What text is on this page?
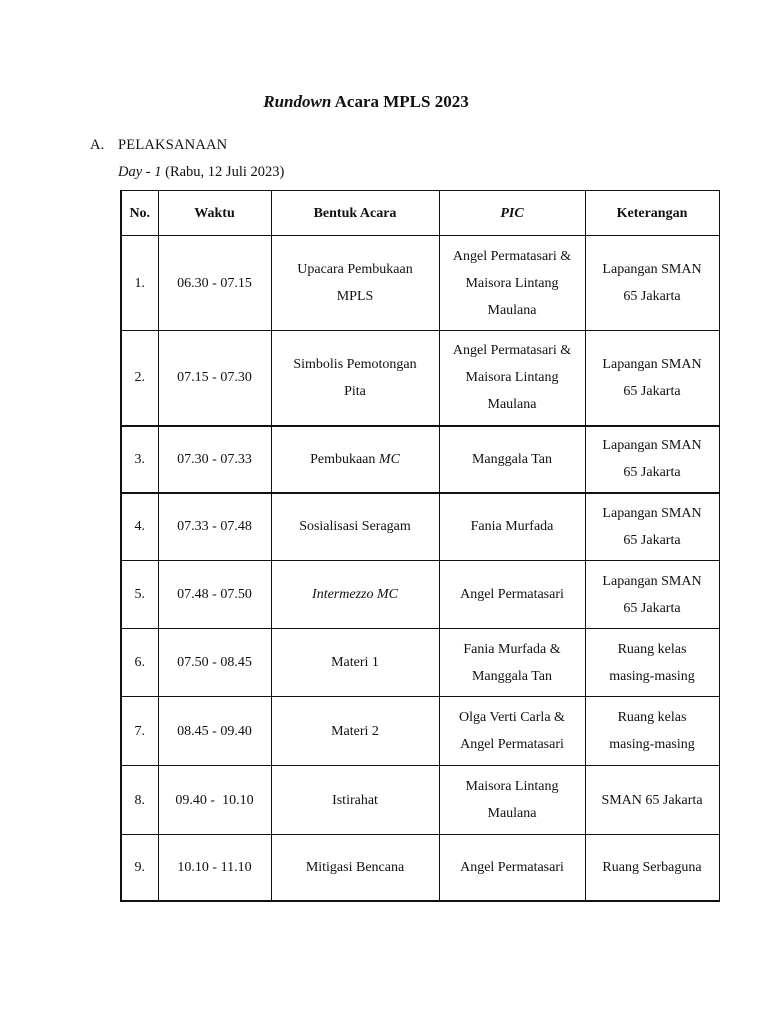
Rundown Acara MPLS 2023
A. PELAKSANAAN
Day - 1 (Rabu, 12 Juli 2023)
No.	Waktu	Bentuk Acara	PIC	Keterangan
1.	06.30 - 07.15	Upacara Pembukaan MPLS	Angel Permatasari & Maisora Lintang Maulana	Lapangan SMAN 65 Jakarta
2.	07.15 - 07.30	Simbolis Pemotongan Pita	Angel Permatasari & Maisora Lintang Maulana	Lapangan SMAN 65 Jakarta
3.	07.30 - 07.33	Pembukaan MC	Manggala Tan	Lapangan SMAN 65 Jakarta
4.	07.33 - 07.48	Sosialisasi Seragam	Fania Murfada	Lapangan SMAN 65 Jakarta
5.	07.48 - 07.50	Intermezzo MC	Angel Permatasari	Lapangan SMAN 65 Jakarta
6.	07.50 - 08.45	Materi 1	Fania Murfada & Manggala Tan	Ruang kelas masing-masing
7.	08.45 - 09.40	Materi 2	Olga Verti Carla & Angel Permatasari	Ruang kelas masing-masing
8.	09.40 -  10.10	Istirahat	Maisora Lintang Maulana	SMAN 65 Jakarta
9.	10.10 - 11.10	Mitigasi Bencana	Angel Permatasari	Ruang Serbaguna
